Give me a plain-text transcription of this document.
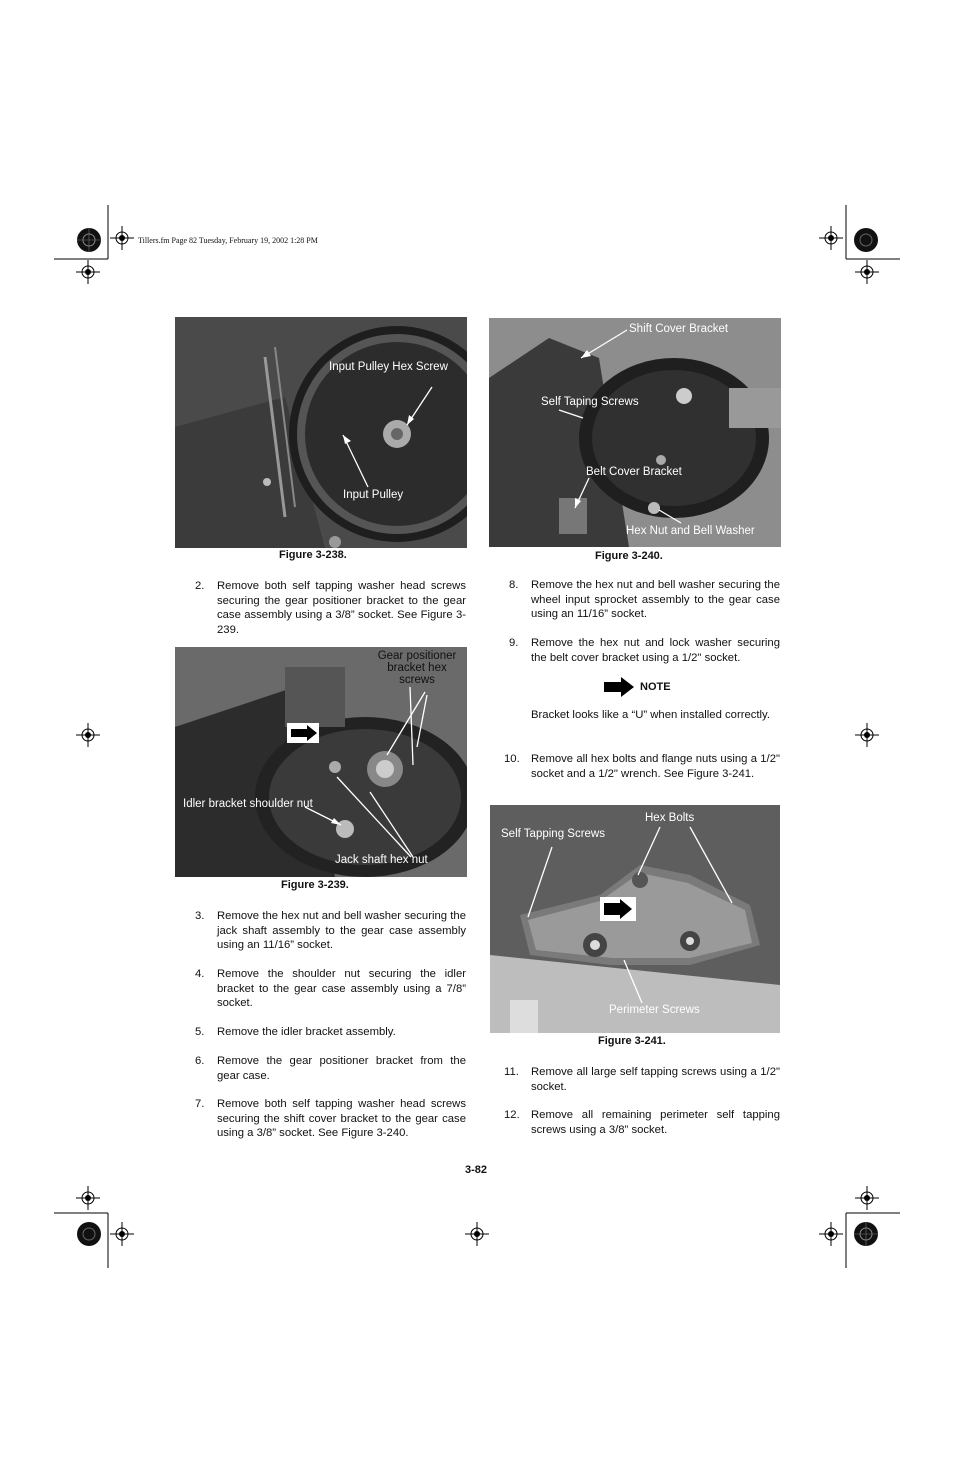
Tillers.fm Page 82 Tuesday, February 19, 2002 1:28 PM
Input Pulley Hex Screw
Input Pulley
Figure 3-238.
Shift Cover Bracket
Self Taping Screws
Belt Cover Bracket
Hex Nut and Bell Washer
Figure 3-240.
2. Remove both self tapping washer head screws securing the gear positioner bracket to the gear case assembly using a 3/8” socket. See Figure 3-239.
Gear positioner
bracket hex
screws
Idler bracket shoulder nut
Jack shaft hex nut
Figure 3-239.
3. Remove the hex nut and bell washer securing the jack shaft assembly to the gear case assembly using an 11/16” socket.
4. Remove the shoulder nut securing the idler bracket to the gear case assembly using a 7/8” socket.
5. Remove the idler bracket assembly.
6. Remove the gear positioner bracket from the gear case.
7. Remove both self tapping washer head screws securing the shift cover bracket to the gear case using a 3/8” socket. See Figure 3-240.
8. Remove the hex nut and bell washer securing the wheel input sprocket assembly to the gear case using an 11/16” socket.
9. Remove the hex nut and lock washer securing the belt cover bracket using a 1/2" socket.
NOTE
Bracket looks like a “U” when installed correctly.
10. Remove all hex bolts and flange nuts using a 1/2" socket and a 1/2" wrench. See Figure 3-241.
Self Tapping Screws
Hex Bolts
Perimeter Screws
Figure 3-241.
11. Remove all large self tapping screws using a 1/2" socket.
12. Remove all remaining perimeter self tapping screws using a 3/8” socket.
3-82
